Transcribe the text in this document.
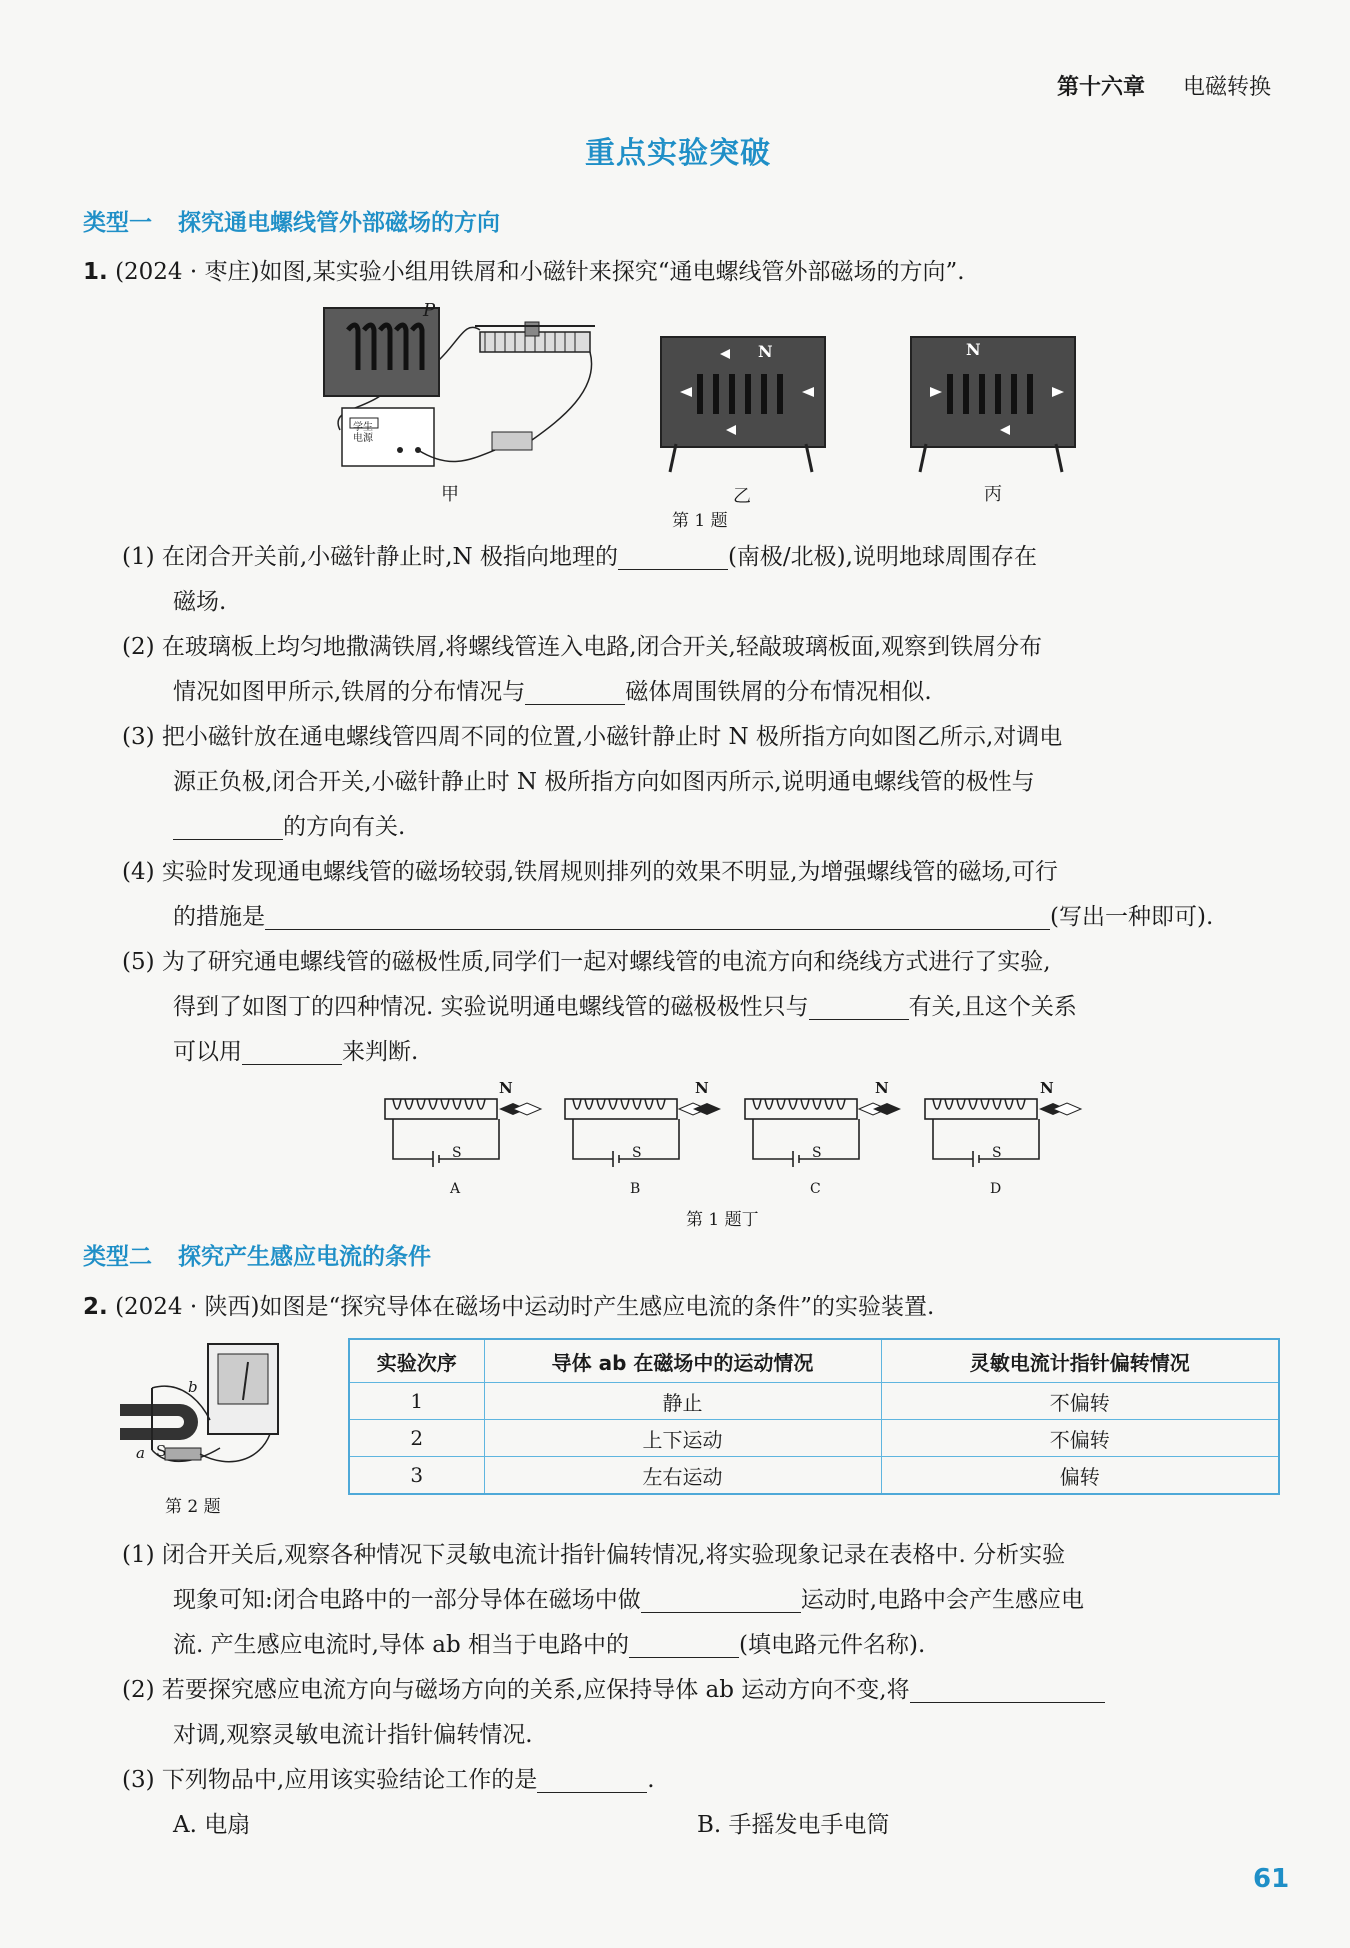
第十六章 电磁转换
重点实验突破
类型一 探究通电螺线管外部磁场的方向
1. (2024 · 枣庄)如图,某实验小组用铁屑和小磁针来探究“通电螺线管外部磁场的方向”.
P
学生电源
甲
N
乙
N
丙
第 1 题
(1) 在闭合开关前,小磁针静止时,N 极指向地理的	(南极/北极),说明地球周围存在
磁场.
(2) 在玻璃板上均匀地撒满铁屑,将螺线管连入电路,闭合开关,轻敲玻璃板面,观察到铁屑分布
情况如图甲所示,铁屑的分布情况与	磁体周围铁屑的分布情况相似.
(3) 把小磁针放在通电螺线管四周不同的位置,小磁针静止时 N 极所指方向如图乙所示,对调电
源正负极,闭合开关,小磁针静止时 N 极所指方向如图丙所示,说明通电螺线管的极性与
的方向有关.
(4) 实验时发现通电螺线管的磁场较弱,铁屑规则排列的效果不明显,为增强螺线管的磁场,可行
的措施是	(写出一种即可).
(5) 为了研究通电螺线管的磁极性质,同学们一起对螺线管的电流方向和绕线方式进行了实验,
得到了如图丁的四种情况. 实验说明通电螺线管的磁极极性只与	有关,且这个关系
可以用	来判断.
N	N	N	N
S	S	S	S
A	B	C	D
第 1 题丁
类型二 探究产生感应电流的条件
2. (2024 · 陕西)如图是“探究导体在磁场中运动时产生感应电流的条件”的实验装置.
b
a S
第 2 题
实验次序	导体 ab 在磁场中的运动情况	灵敏电流计指针偏转情况
1	静止	不偏转
2	上下运动	不偏转
3	左右运动	偏转
(1) 闭合开关后,观察各种情况下灵敏电流计指针偏转情况,将实验现象记录在表格中. 分析实验
现象可知:闭合电路中的一部分导体在磁场中做	运动时,电路中会产生感应电
流. 产生感应电流时,导体 ab 相当于电路中的	(填电路元件名称).
(2) 若要探究感应电流方向与磁场方向的关系,应保持导体 ab 运动方向不变,将
对调,观察灵敏电流计指针偏转情况.
(3) 下列物品中,应用该实验结论工作的是	.
A. 电扇	B. 手摇发电手电筒
61
